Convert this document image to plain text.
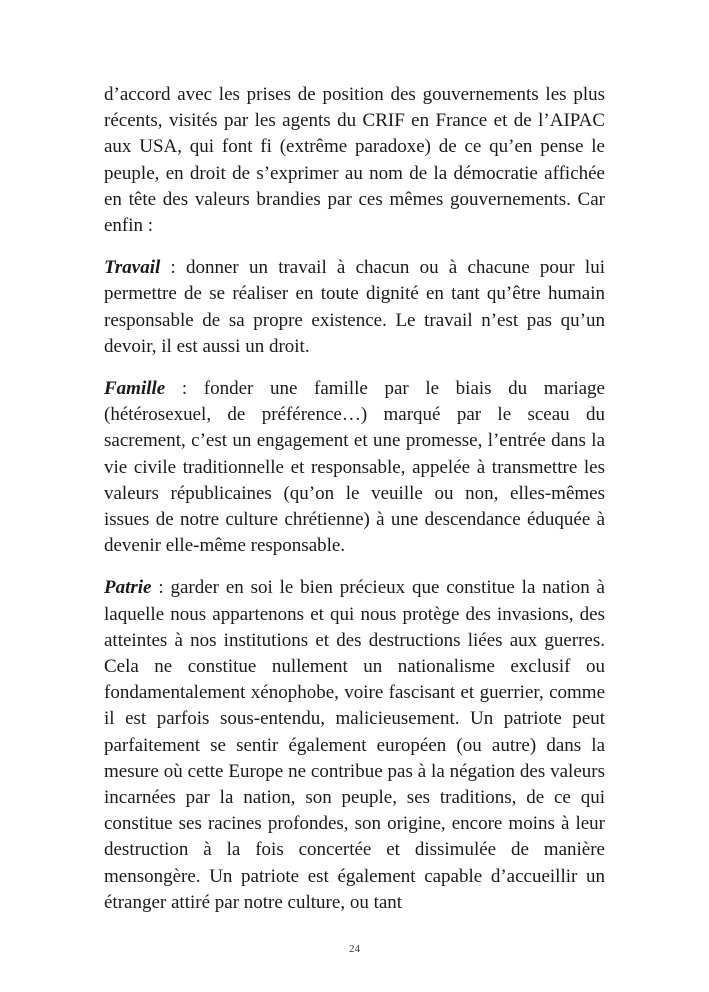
d’accord avec les prises de position des gouvernements les plus récents, visités par les agents du CRIF en France et de l’AIPAC aux USA, qui font fi (extrême paradoxe) de ce qu’en pense le peuple, en droit de s’exprimer au nom de la démocratie affichée en tête des valeurs brandies par ces mêmes gouvernements. Car enfin :

Travail : donner un travail à chacun ou à chacune pour lui permettre de se réaliser en toute dignité en tant qu’être humain responsable de sa propre existence. Le travail n’est pas qu’un devoir, il est aussi un droit.

Famille : fonder une famille par le biais du mariage (hétérosexuel, de préférence…) marqué par le sceau du sacrement, c’est un engagement et une promesse, l’entrée dans la vie civile traditionnelle et responsable, appelée à transmettre les valeurs républicaines (qu’on le veuille ou non, elles-mêmes issues de notre culture chrétienne) à une descendance éduquée à devenir elle-même responsable.

Patrie : garder en soi le bien précieux que constitue la nation à laquelle nous appartenons et qui nous protège des invasions, des atteintes à nos institutions et des destructions liées aux guerres. Cela ne constitue nullement un nationalisme exclusif ou fondamentalement xénophobe, voire fascisant et guerrier, comme il est parfois sous-entendu, malicieusement. Un patriote peut parfaitement se sentir également européen (ou autre) dans la mesure où cette Europe ne contribue pas à la négation des valeurs incarnées par la nation, son peuple, ses traditions, de ce qui constitue ses racines profondes, son origine, encore moins à leur destruction à la fois concertée et dissimulée de manière mensongère. Un patriote est également capable d’accueillir un étranger attiré par notre culture, ou tant

24
